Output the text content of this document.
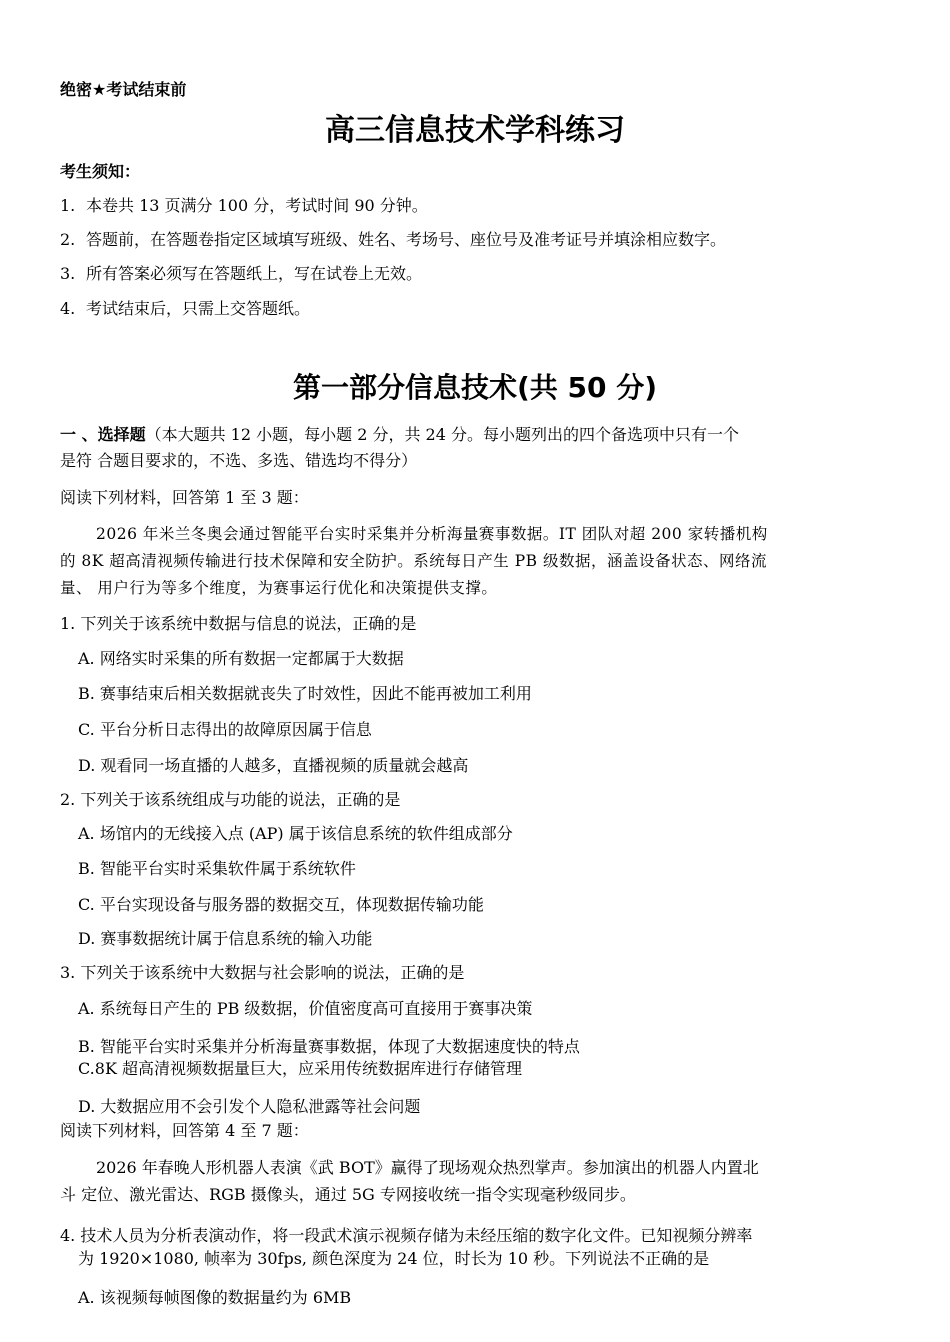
绝密★考试结束前
高三信息技术学科练习
考生须知：
1. 本卷共 13 页满分 100 分，考试时间 90 分钟。
2. 答题前，在答题卷指定区域填写班级、姓名、考场号、座位号及准考证号并填涂相应数字。
3. 所有答案必须写在答题纸上，写在试卷上无效。
4. 考试结束后，只需上交答题纸。
第一部分信息技术(共 50 分)
一 、选择题（本大题共 12 小题，每小题 2 分，共 24 分。每小题列出的四个备选项中只有一个
是符 合题目要求的，不选、多选、错选均不得分）
阅读下列材料，回答第 1 至 3 题：
2026 年米兰冬奥会通过智能平台实时采集并分析海量赛事数据。IT 团队对超 200 家转播机构
的 8K 超高清视频传输进行技术保障和安全防护。系统每日产生 PB 级数据，涵盖设备状态、网络流
量、 用户行为等多个维度，为赛事运行优化和决策提供支撑。
1. 下列关于该系统中数据与信息的说法，正确的是
A. 网络实时采集的所有数据一定都属于大数据
B. 赛事结束后相关数据就丧失了时效性，因此不能再被加工利用
C. 平台分析日志得出的故障原因属于信息
D. 观看同一场直播的人越多，直播视频的质量就会越高
2. 下列关于该系统组成与功能的说法，正确的是
A. 场馆内的无线接入点 (AP) 属于该信息系统的软件组成部分
B. 智能平台实时采集软件属于系统软件
C. 平台实现设备与服务器的数据交互，体现数据传输功能
D. 赛事数据统计属于信息系统的输入功能
3. 下列关于该系统中大数据与社会影响的说法，正确的是
A. 系统每日产生的 PB 级数据，价值密度高可直接用于赛事决策
B. 智能平台实时采集并分析海量赛事数据，体现了大数据速度快的特点
C.8K 超高清视频数据量巨大，应采用传统数据库进行存储管理
D. 大数据应用不会引发个人隐私泄露等社会问题
阅读下列材料，回答第 4 至 7 题：
2026 年春晚人形机器人表演《武 BOT》赢得了现场观众热烈掌声。参加演出的机器人内置北
斗 定位、激光雷达、RGB 摄像头，通过 5G 专网接收统一指令实现毫秒级同步。
4. 技术人员为分析表演动作，将一段武术演示视频存储为未经压缩的数字化文件。已知视频分辨率
为 1920×1080, 帧率为 30fps, 颜色深度为 24 位，时长为 10 秒。下列说法不正确的是
A. 该视频每帧图像的数据量约为 6MB
